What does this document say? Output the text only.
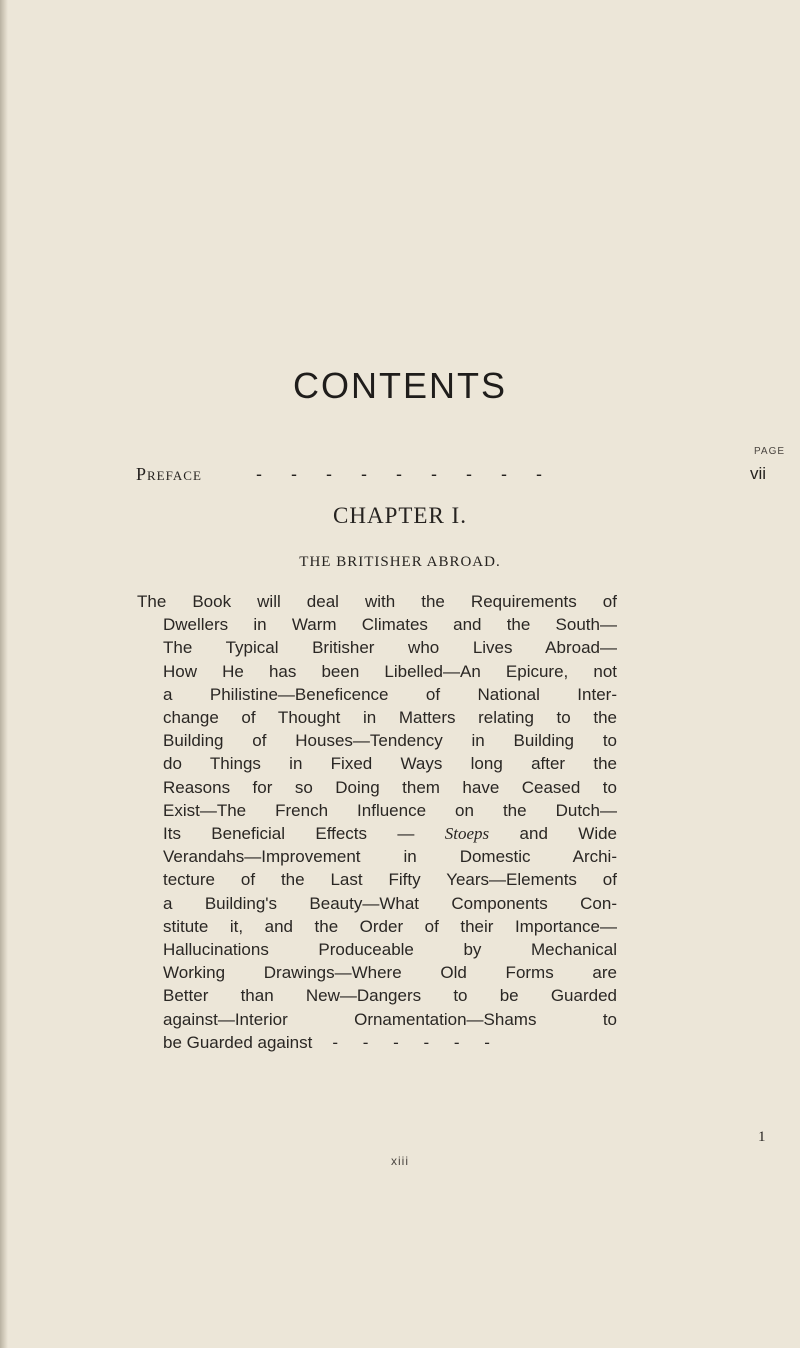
CONTENTS
PAGE
Preface	- - - - - - - - -	vii
CHAPTER I.
THE BRITISHER ABROAD.
The Book will deal with the Requirements of
Dwellers in Warm Climates and the South—
The Typical Britisher who Lives Abroad—
How He has been Libelled—An Epicure, not
a Philistine—Beneficence of National Inter-
change of Thought in Matters relating to the
Building of Houses—Tendency in Building to
do Things in Fixed Ways long after the
Reasons for so Doing them have Ceased to
Exist—The French Influence on the Dutch—
Its Beneficial Effects — Stoeps and Wide
Verandahs—Improvement in Domestic Archi-
tecture of the Last Fifty Years—Elements of
a Building's Beauty—What Components Con-
stitute it, and the Order of their Importance—
Hallucinations Produceable by Mechanical
Working Drawings—Where Old Forms are
Better than New—Dangers to be Guarded
against—Interior Ornamentation—Shams to
be Guarded against - - - - - -
1
xiii
